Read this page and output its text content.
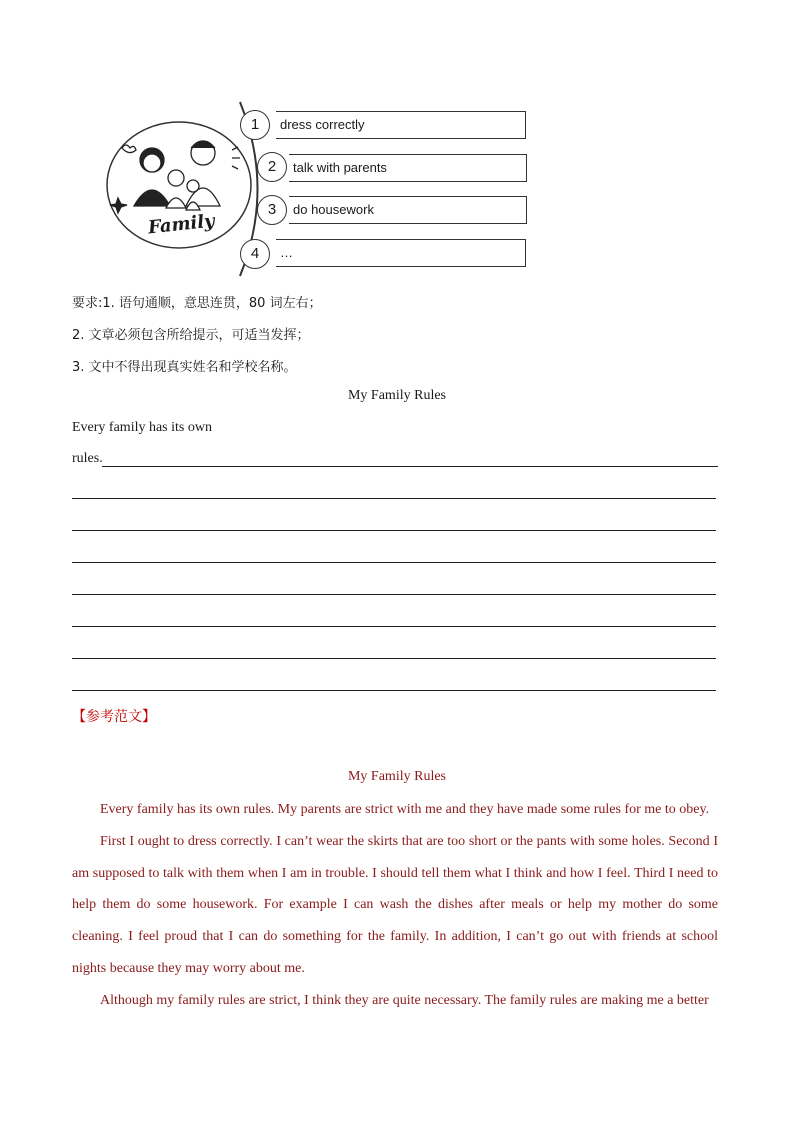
Family
1	dress correctly
2	talk with parents
3	do housework
4	…
要求:1. 语句通顺，意思连贯，80 词左右；
2. 文章必须包含所给提示，可适当发挥；
3. 文中不得出现真实姓名和学校名称。
My Family Rules
Every family has its own
rules.
【参考范文】
My Family Rules
Every family has its own rules. My parents are strict with me and they have made some rules for me to obey.
First I ought to dress correctly. I can’t wear the skirts that are too short or the pants with some holes. Second I am supposed to talk with them when I am in trouble. I should tell them what I think and how I feel. Third I need to help them do some housework. For example I can wash the dishes after meals or help my mother do some cleaning. I feel proud that I can do something for the family. In addition, I can’t go out with friends at school nights because they may worry about me.
Although my family rules are strict, I think they are quite necessary. The family rules are making me a better
